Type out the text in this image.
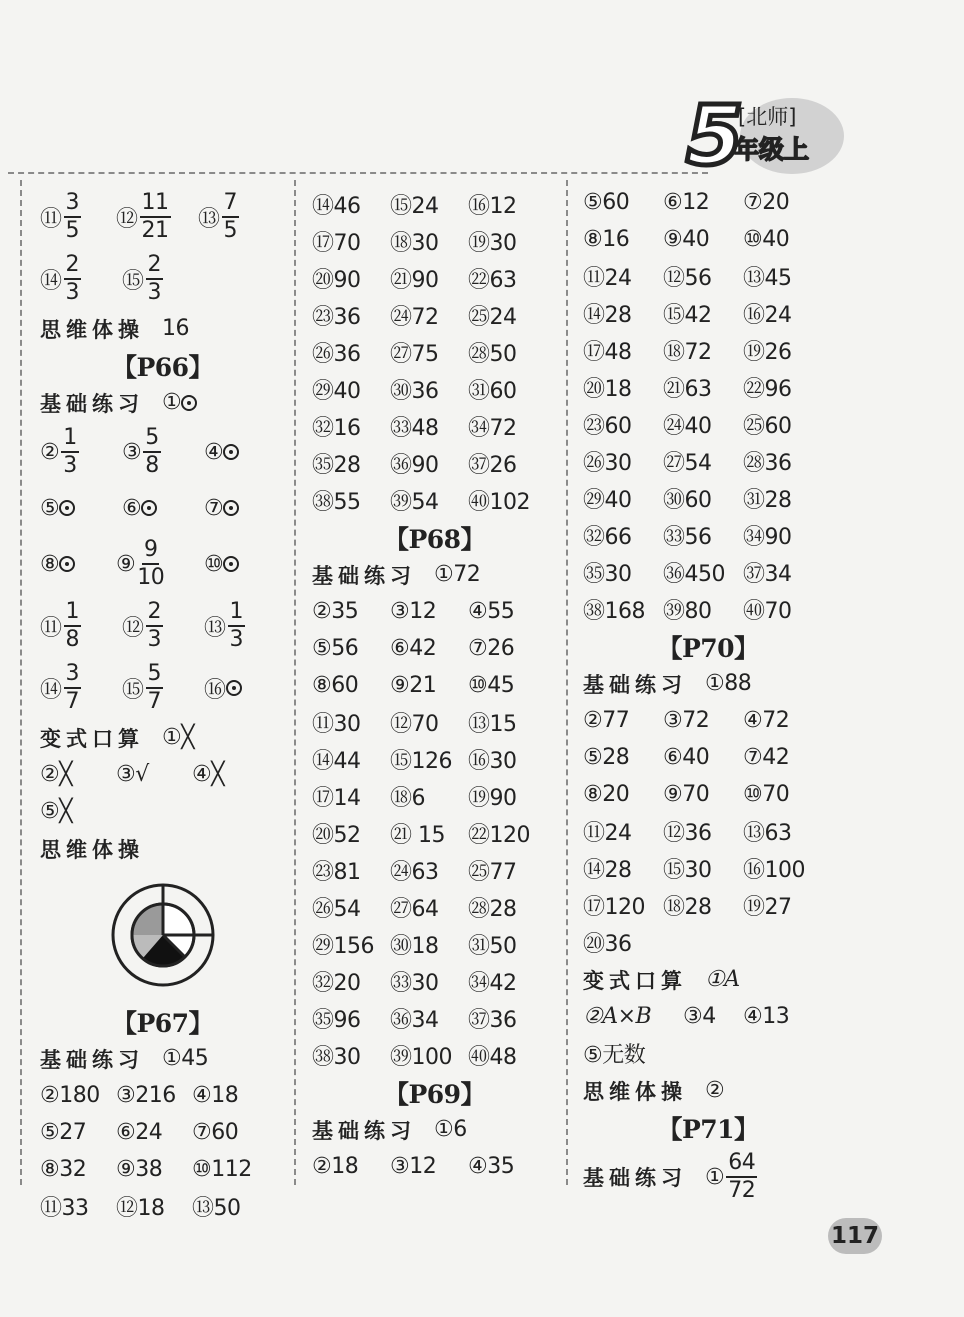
5
[北师]
年级上
⑪ $\frac{3}{5}$ ⑫ $\frac{11}{21}$ ⑬ $\frac{7}{5}$
⑭ $\frac{2}{3}$ ⑮ $\frac{2}{3}$
思维体操 16
【P66】
基础练习 ①
② $\frac{1}{3}$ ③ $\frac{5}{8}$ ④
⑤	⑥	⑦
⑧	⑨ $\frac{9}{10}$ ⑩
⑪ $\frac{1}{8}$ ⑫ $\frac{2}{3}$ ⑬ $\frac{1}{3}$
⑭ $\frac{3}{7}$ ⑮ $\frac{5}{7}$ ⑯
变式口算 ①╳
②╳	③√	④╳
⑤╳
思维体操
【P67】
基础练习 ①45
②180 ③216 ④18
⑤27	⑥24	⑦60
⑧32	⑨38	⑩112
⑪33	⑫18	⑬50
⑭46	⑮24	⑯12
⑰70	⑱30	⑲30
⑳90	㉑90	㉒63
㉓36	㉔72	㉕24
㉖36	㉗75	㉘50
㉙40	㉚36	㉛60
㉜16	㉝48	㉞72
㉟28	㊱90	㊲26
㊳55	㊴54	㊵102
【P68】
基础练习 ①72
②35	③12	④55
⑤56	⑥42	⑦26
⑧60	⑨21	⑩45
⑪30	⑫70	⑬15
⑭44	⑮126 ⑯30
⑰14	⑱6	⑲90
⑳52	㉑ 15	㉒120
㉓81	㉔63	㉕77
㉖54	㉗64	㉘28
㉙156 ㉚18	㉛50
㉜20	㉝30	㉞42
㉟96	㊱34	㊲36
㊳30	㊴100 ㊵48
【P69】
基础练习 ①6
②18	③12	④35
⑤60	⑥12	⑦20
⑧16	⑨40	⑩40
⑪24	⑫56	⑬45
⑭28	⑮42	⑯24
⑰48	⑱72	⑲26
⑳18	㉑63	㉒96
㉓60	㉔40	㉕60
㉖30	㉗54	㉘36
㉙40	㉚60	㉛28
㉜66	㉝56	㉞90
㉟30	㊱450 ㊲34
㊳168 ㊴80	㊵70
【P70】
基础练习 ①88
②77	③72	④72
⑤28	⑥40	⑦42
⑧20	⑨70	⑩70
⑪24	⑫36	⑬63
⑭28	⑮30	⑯100
⑰120 ⑱28	⑲27
⑳36
变式口算 ①A
②A×B	③4	④13
⑤无数
思维体操 ②
【P71】
基础练习 ① $\frac{64}{72}$
117
